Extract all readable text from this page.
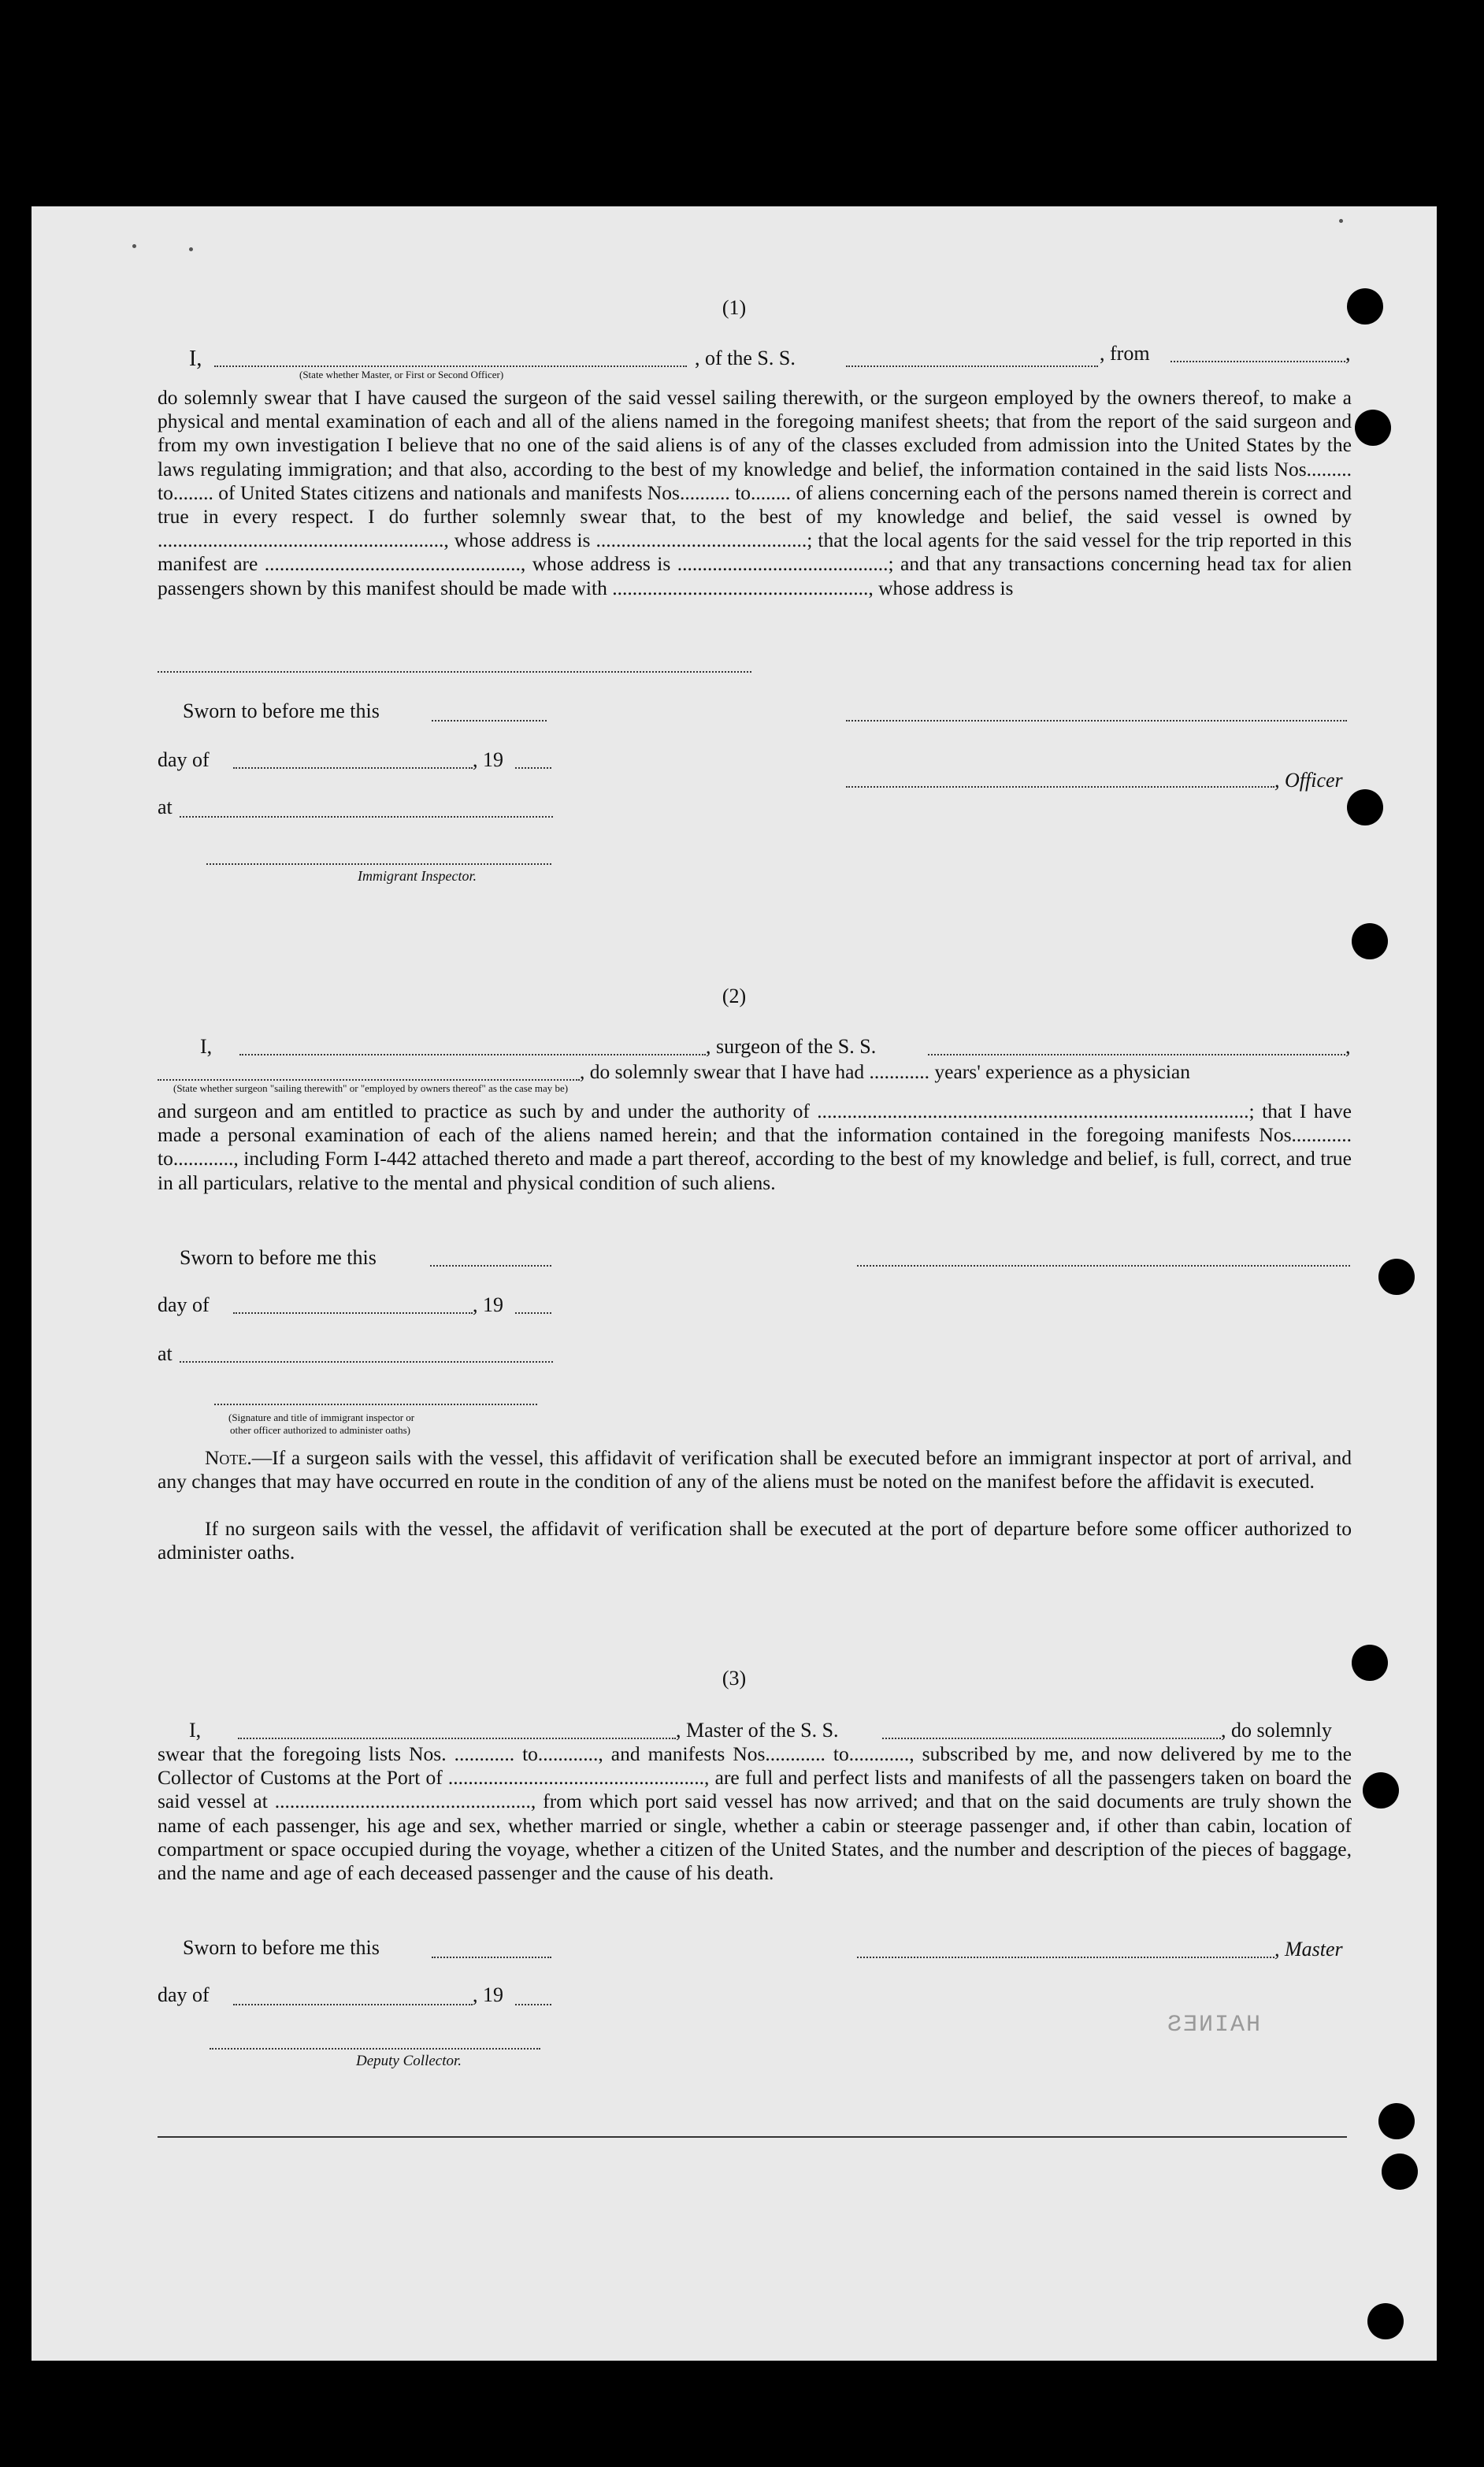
(1)
I,	, of the S. S.	, from	,
(State whether Master, or First or Second Officer)

do solemnly swear that I have caused the surgeon of the said vessel sailing therewith, or the surgeon employed by the owners thereof, to make a physical and mental examination of each and all of the aliens named in the foregoing manifest sheets; that from the report of the said surgeon and from my own investigation I believe that no one of the said aliens is of any of the classes excluded from admission into the United States by the laws regulating immigration; and that also, according to the best of my knowledge and belief, the information contained in the said lists Nos......... to........ of United States citizens and nationals and manifests Nos.......... to........ of aliens concerning each of the persons named therein is correct and true in every respect. I do further solemnly swear that, to the best of my knowledge and belief, the said vessel is owned by ........................................................., whose address is ..........................................; that the local agents for the said vessel for the trip reported in this manifest are ..................................................., whose address is ..........................................; and that any transactions concerning head tax for alien passengers shown by this manifest should be made with ..................................................., whose address is

Sworn to before me this
day of	, 19
, Officer
at
Immigrant Inspector.
(2)
I,	, surgeon of the S. S.	,
, do solemnly swear that I have had ............ years' experience as a physician
(State whether surgeon "sailing therewith" or "employed by owners thereof" as the case may be)

and surgeon and am entitled to practice as such by and under the authority of ......................................................................................; that I have made a personal examination of each of the aliens named herein; and that the information contained in the foregoing manifests Nos............ to............, including Form I-442 attached thereto and made a part thereof, according to the best of my knowledge and belief, is full, correct, and true in all particulars, relative to the mental and physical condition of such aliens.

Sworn to before me this
day of	, 19
at
(Signature and title of immigrant inspector or
other officer authorized to administer oaths)

Note.—If a surgeon sails with the vessel, this affidavit of verification shall be executed before an immigrant inspector at port of arrival, and any changes that may have occurred en route in the condition of any of the aliens must be noted on the manifest before the affidavit is executed.

If no surgeon sails with the vessel, the affidavit of verification shall be executed at the port of departure before some officer authorized to administer oaths.

(3)
I,	, Master of the S. S.	, do solemnly

swear that the foregoing lists Nos. ............ to............, and manifests Nos............ to............, subscribed by me, and now delivered by me to the Collector of Customs at the Port of ..................................................., are full and perfect lists and manifests of all the passengers taken on board the said vessel at ..................................................., from which port said vessel has now arrived; and that on the said documents are truly shown the name of each passenger, his age and sex, whether married or single, whether a cabin or steerage passenger and, if other than cabin, location of compartment or space occupied during the voyage, whether a citizen of the United States, and the number and description of the pieces of baggage, and the name and age of each deceased passenger and the cause of his death.

Sworn to before me this	, Master
day of	, 19
Deputy Collector.
HAINES
